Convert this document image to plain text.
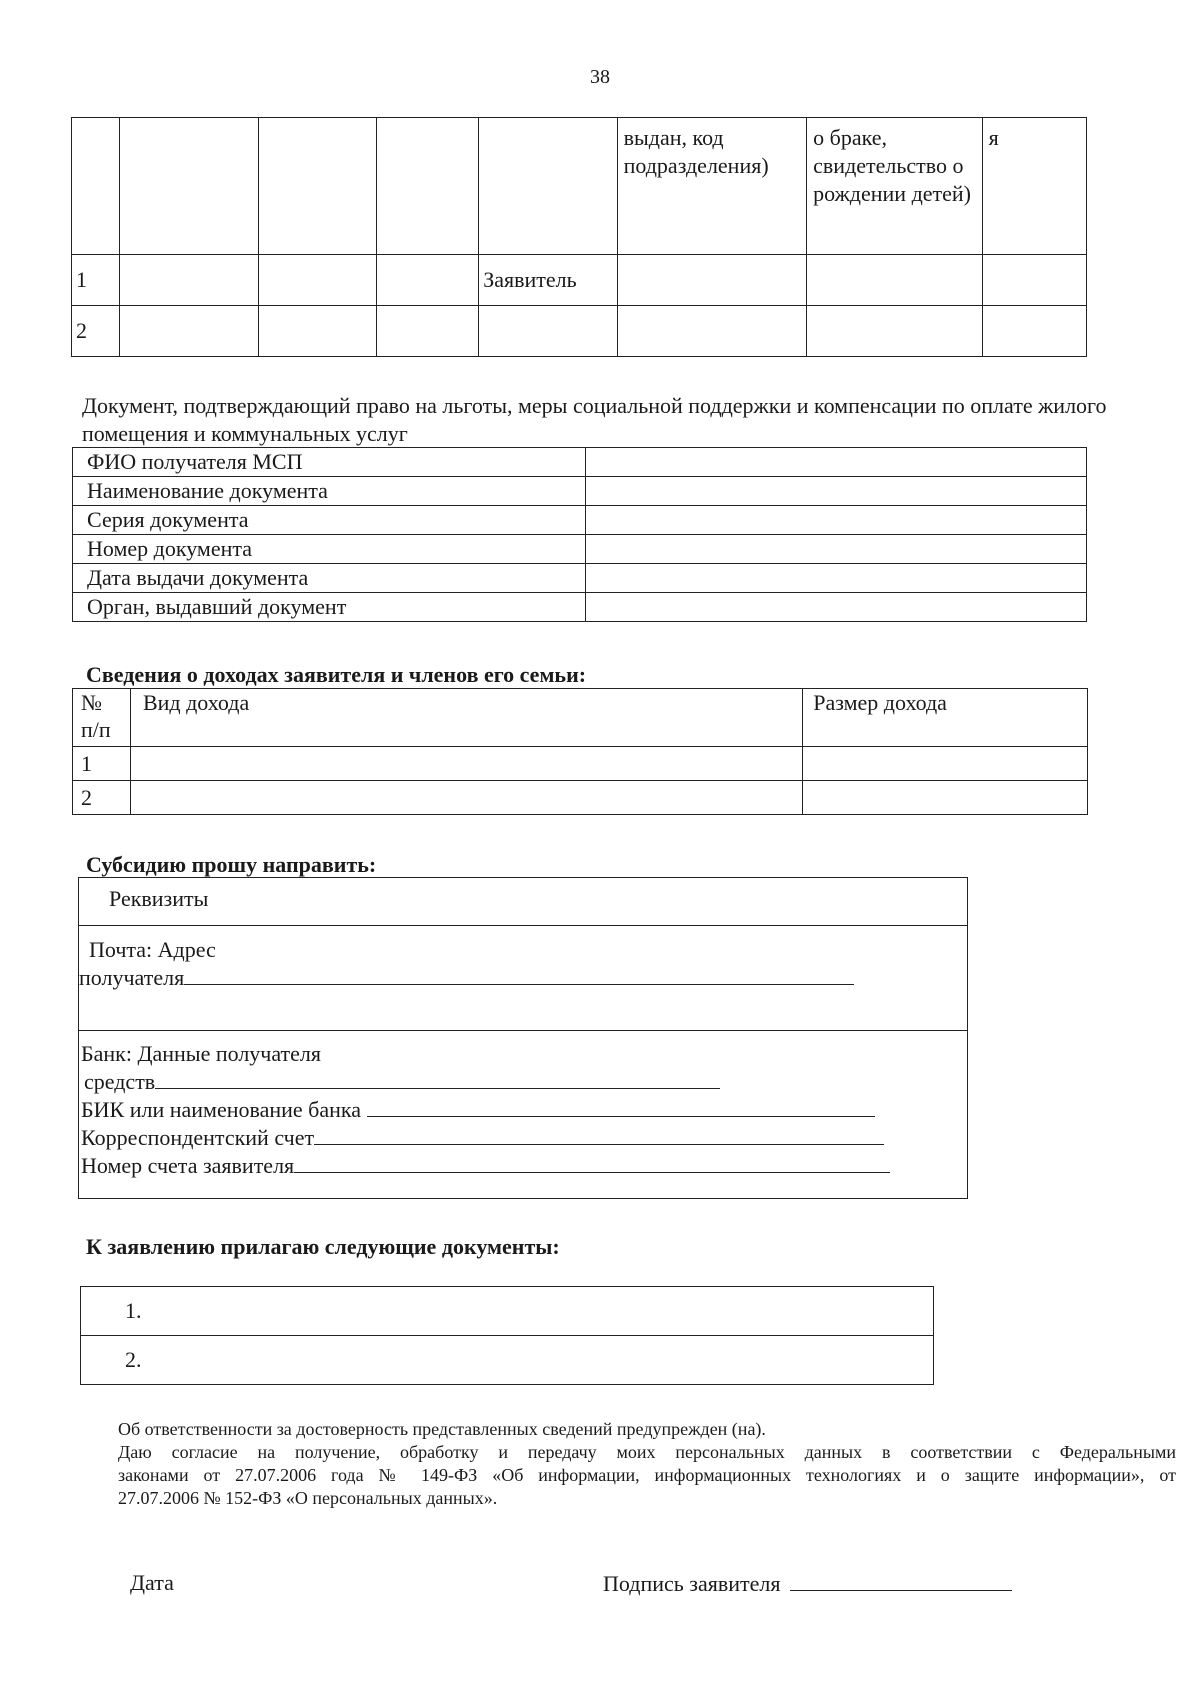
38
					выдан, код подразделения)	о браке, свидетельство о рождении детей)	я
1				Заявитель			
2							
Документ, подтверждающий право на льготы, меры социальной поддержки и компенсации по оплате жилого помещения и коммунальных услуг
ФИО получателя МСП	
Наименование документа	
Серия документа	
Номер документа	
Дата выдачи документа	
Орган, выдавший документ	
Сведения о доходах заявителя и членов его семьи:
№ п/п	Вид дохода	Размер дохода
1		
2		
Субсидию прошу направить:
Реквизиты
Почта: Адрес
получателя
Банк: Данные получателя
средств
БИК или наименование банка
Корреспондентский счет
Номер счета заявителя
К заявлению прилагаю следующие документы:
1.
2.
Об ответственности за достоверность представленных сведений предупрежден (на).
Даю согласие на получение, обработку и передачу моих персональных данных в соответствии с Федеральными
законами от 27.07.2006 года № 149-ФЗ «Об информации, информационных технологиях и о защите информации», от
27.07.2006 № 152-ФЗ «О персональных данных».
Дата	Подпись заявителя
